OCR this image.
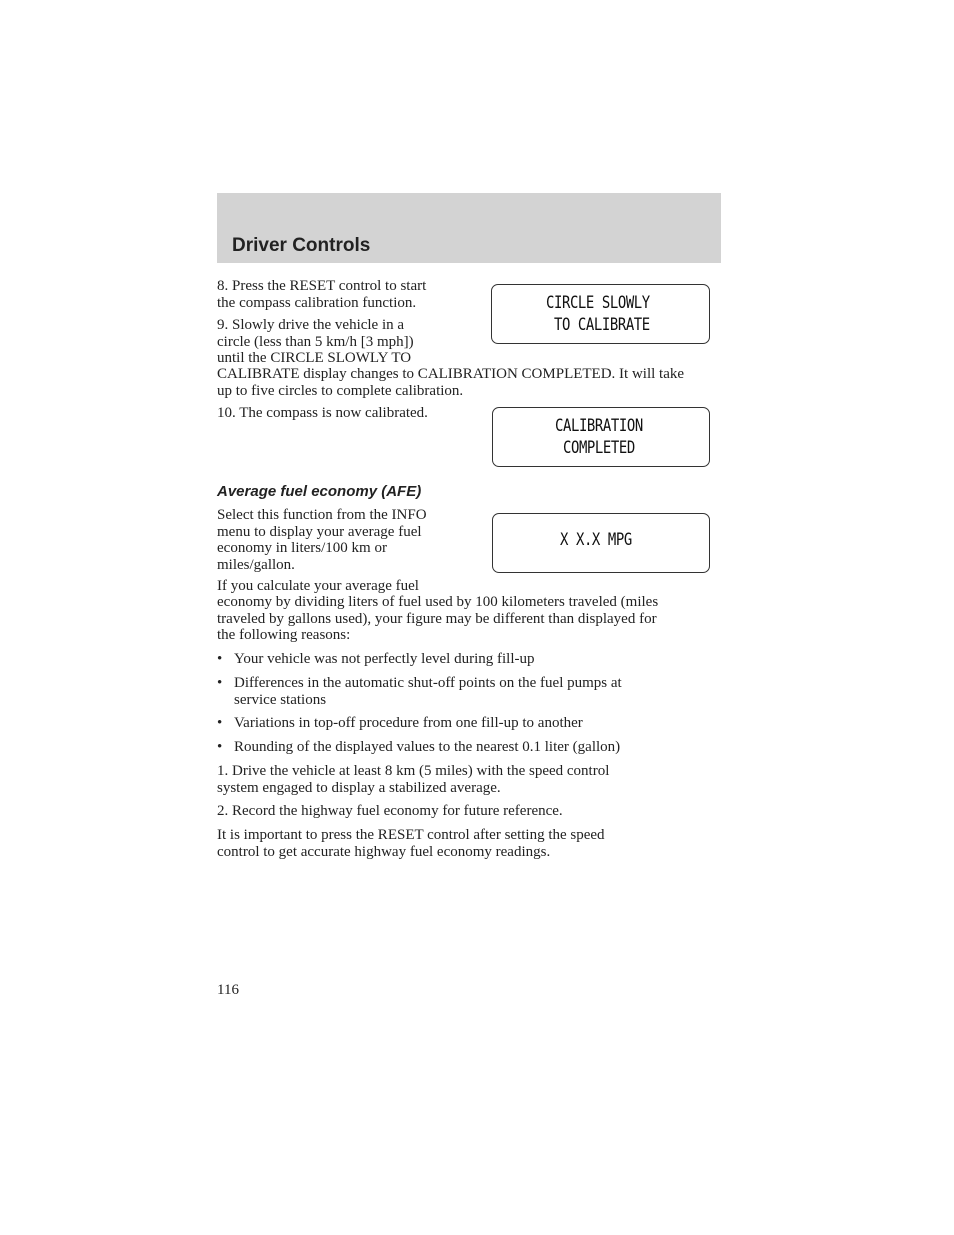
Driver Controls

8. Press the RESET control to start
the compass calibration function.	CIRCLE SLOWLY
TO CALIBRATE

9. Slowly drive the vehicle in a
circle (less than 5 km/h [3 mph])
until the CIRCLE SLOWLY TO

CALIBRATE display changes to CALIBRATION COMPLETED. It will take
up to five circles to complete calibration.

10. The compass is now calibrated.

CALIBRATION
COMPLETED

Average fuel economy (AFE)

Select this function from the INFO
menu to display your average fuel
economy in liters/100 km or
miles/gallon.

X X.X MPG

If you calculate your average fuel

economy by dividing liters of fuel used by 100 kilometers traveled (miles
traveled by gallons used), your figure may be different than displayed for
the following reasons:

• Your vehicle was not perfectly level during fill-up

• Differences in the automatic shut-off points on the fuel pumps at
service stations

• Variations in top-off procedure from one fill-up to another

• Rounding of the displayed values to the nearest 0.1 liter (gallon)

1. Drive the vehicle at least 8 km (5 miles) with the speed control
system engaged to display a stabilized average.

2. Record the highway fuel economy for future reference.

It is important to press the RESET control after setting the speed
control to get accurate highway fuel economy readings.

116
